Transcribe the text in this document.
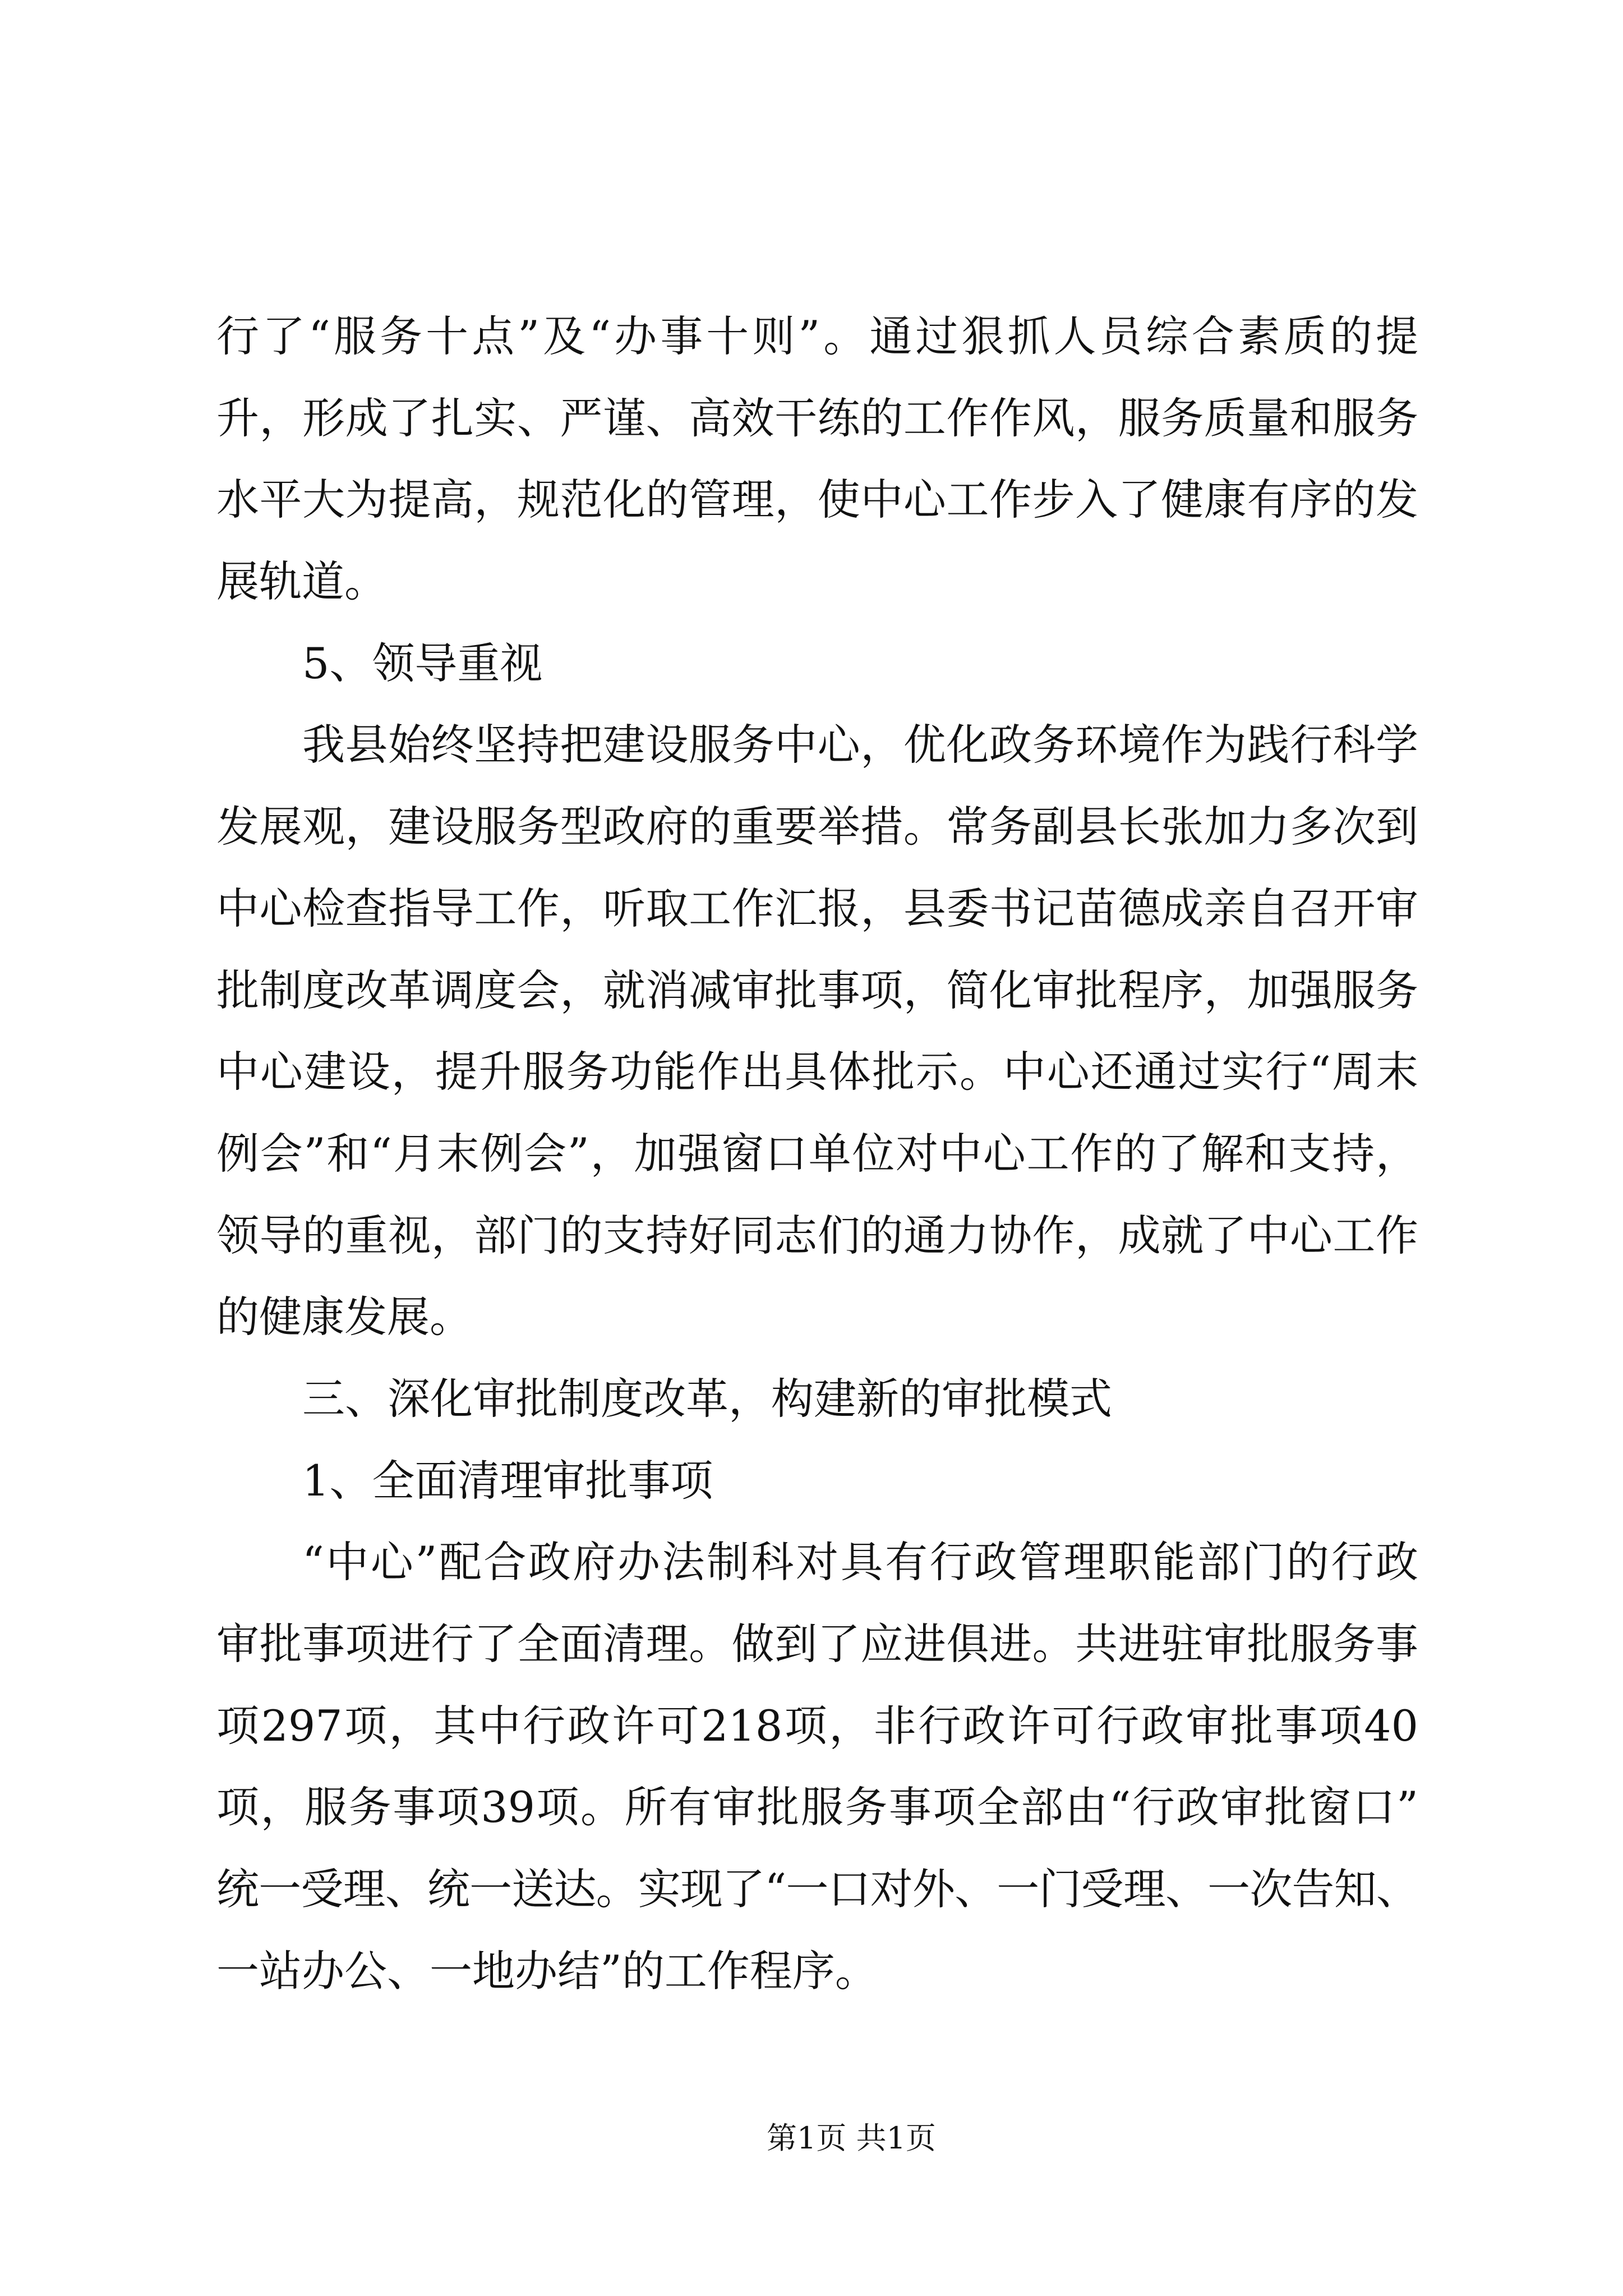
行了“服务十点”及“办事十则”。通过狠抓人员综合素质的提
升，形成了扎实、严谨、高效干练的工作作风，服务质量和服务
水平大为提高，规范化的管理，使中心工作步入了健康有序的发
展轨道。
5、领导重视
我县始终坚持把建设服务中心，优化政务环境作为践行科学
发展观，建设服务型政府的重要举措。常务副县长张加力多次到
中心检查指导工作，听取工作汇报，县委书记苗德成亲自召开审
批制度改革调度会，就消减审批事项，简化审批程序，加强服务
中心建设，提升服务功能作出具体批示。中心还通过实行“周末
例会”和“月末例会”，加强窗口单位对中心工作的了解和支持，
领导的重视，部门的支持好同志们的通力协作，成就了中心工作
的健康发展。
三、深化审批制度改革，构建新的审批模式
1、全面清理审批事项
“中心”配合政府办法制科对具有行政管理职能部门的行政
审批事项进行了全面清理。做到了应进俱进。共进驻审批服务事
项297项，其中行政许可218项，非行政许可行政审批事项40
项，服务事项39项。所有审批服务事项全部由“行政审批窗口”
统一受理、统一送达。实现了“一口对外、一门受理、一次告知、
一站办公、一地办结”的工作程序。
第1页 共1页
